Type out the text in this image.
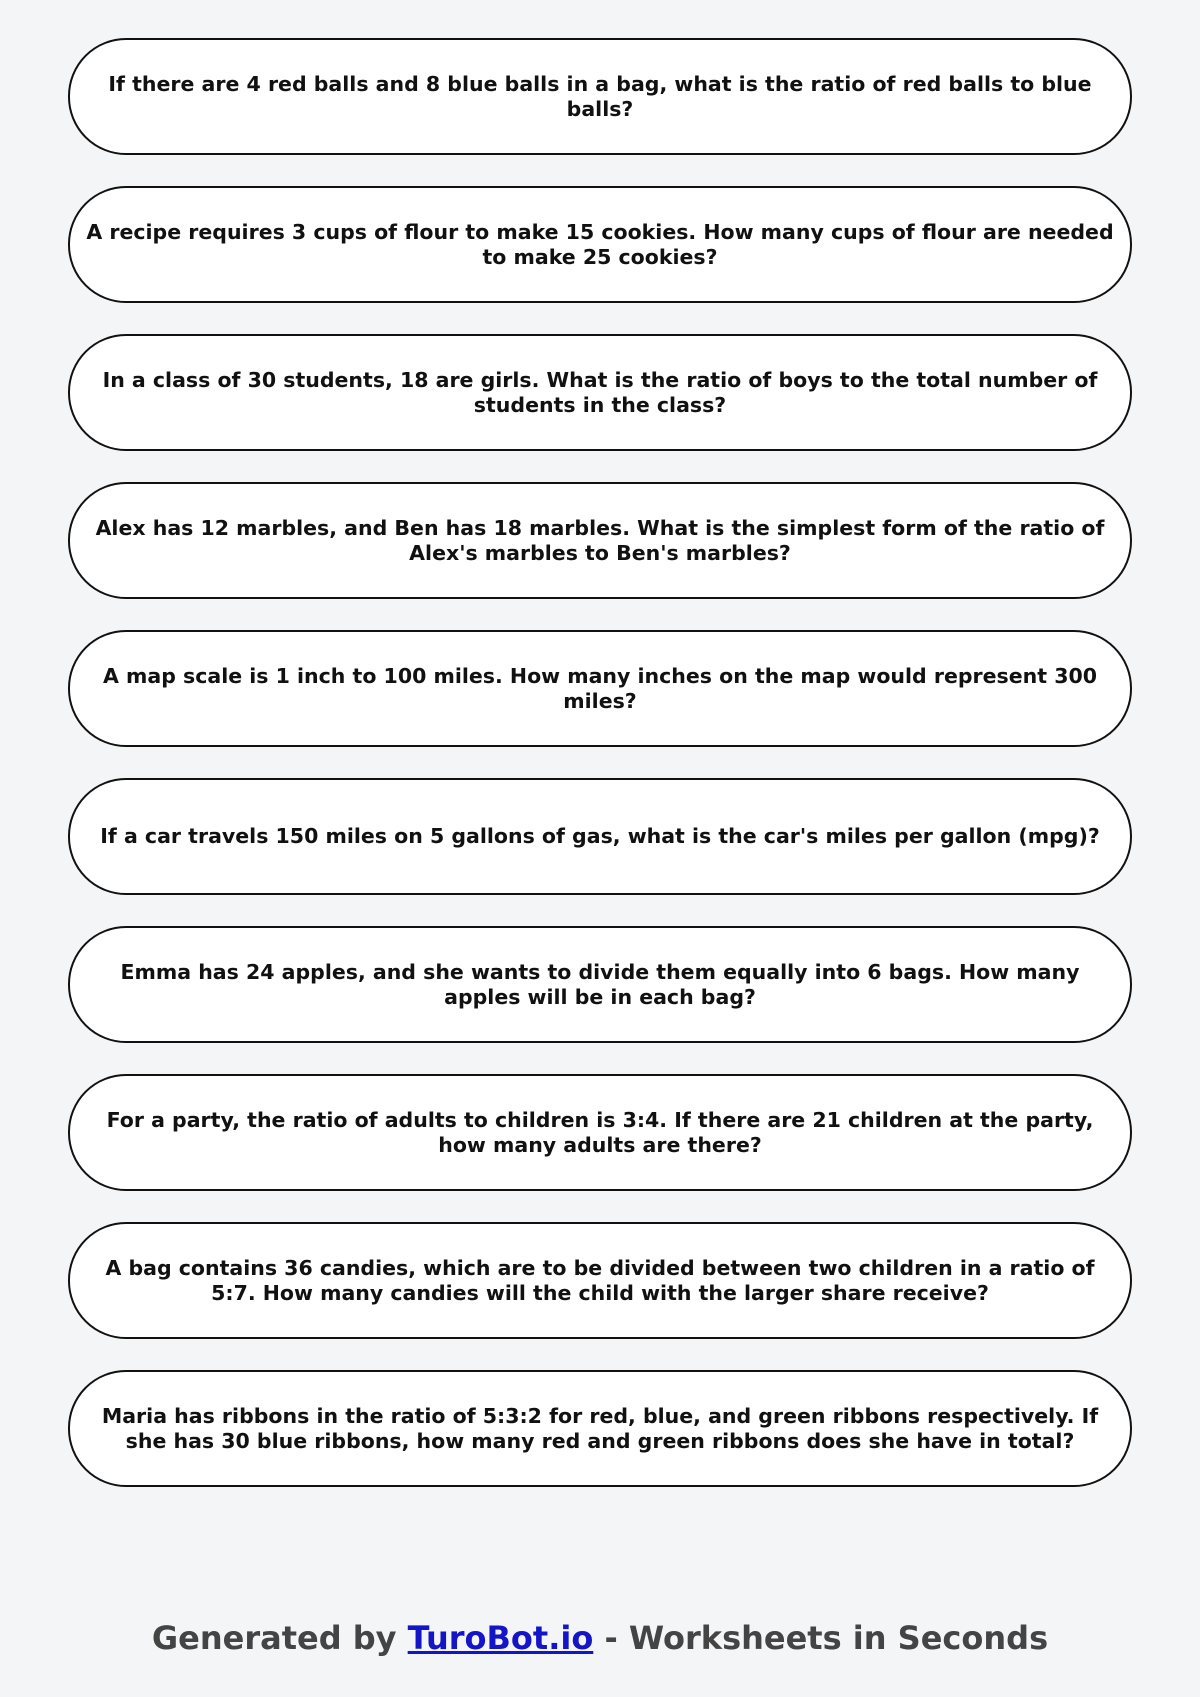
If there are 4 red balls and 8 blue balls in a bag, what is the ratio of red balls to blue balls?
A recipe requires 3 cups of flour to make 15 cookies. How many cups of flour are needed to make 25 cookies?
In a class of 30 students, 18 are girls. What is the ratio of boys to the total number of students in the class?
Alex has 12 marbles, and Ben has 18 marbles. What is the simplest form of the ratio of Alex's marbles to Ben's marbles?
A map scale is 1 inch to 100 miles. How many inches on the map would represent 300 miles?
If a car travels 150 miles on 5 gallons of gas, what is the car's miles per gallon (mpg)?
Emma has 24 apples, and she wants to divide them equally into 6 bags. How many apples will be in each bag?
For a party, the ratio of adults to children is 3:4. If there are 21 children at the party, how many adults are there?
A bag contains 36 candies, which are to be divided between two children in a ratio of 5:7. How many candies will the child with the larger share receive?
Maria has ribbons in the ratio of 5:3:2 for red, blue, and green ribbons respectively. If she has 30 blue ribbons, how many red and green ribbons does she have in total?
Generated by TuroBot.io - Worksheets in Seconds
